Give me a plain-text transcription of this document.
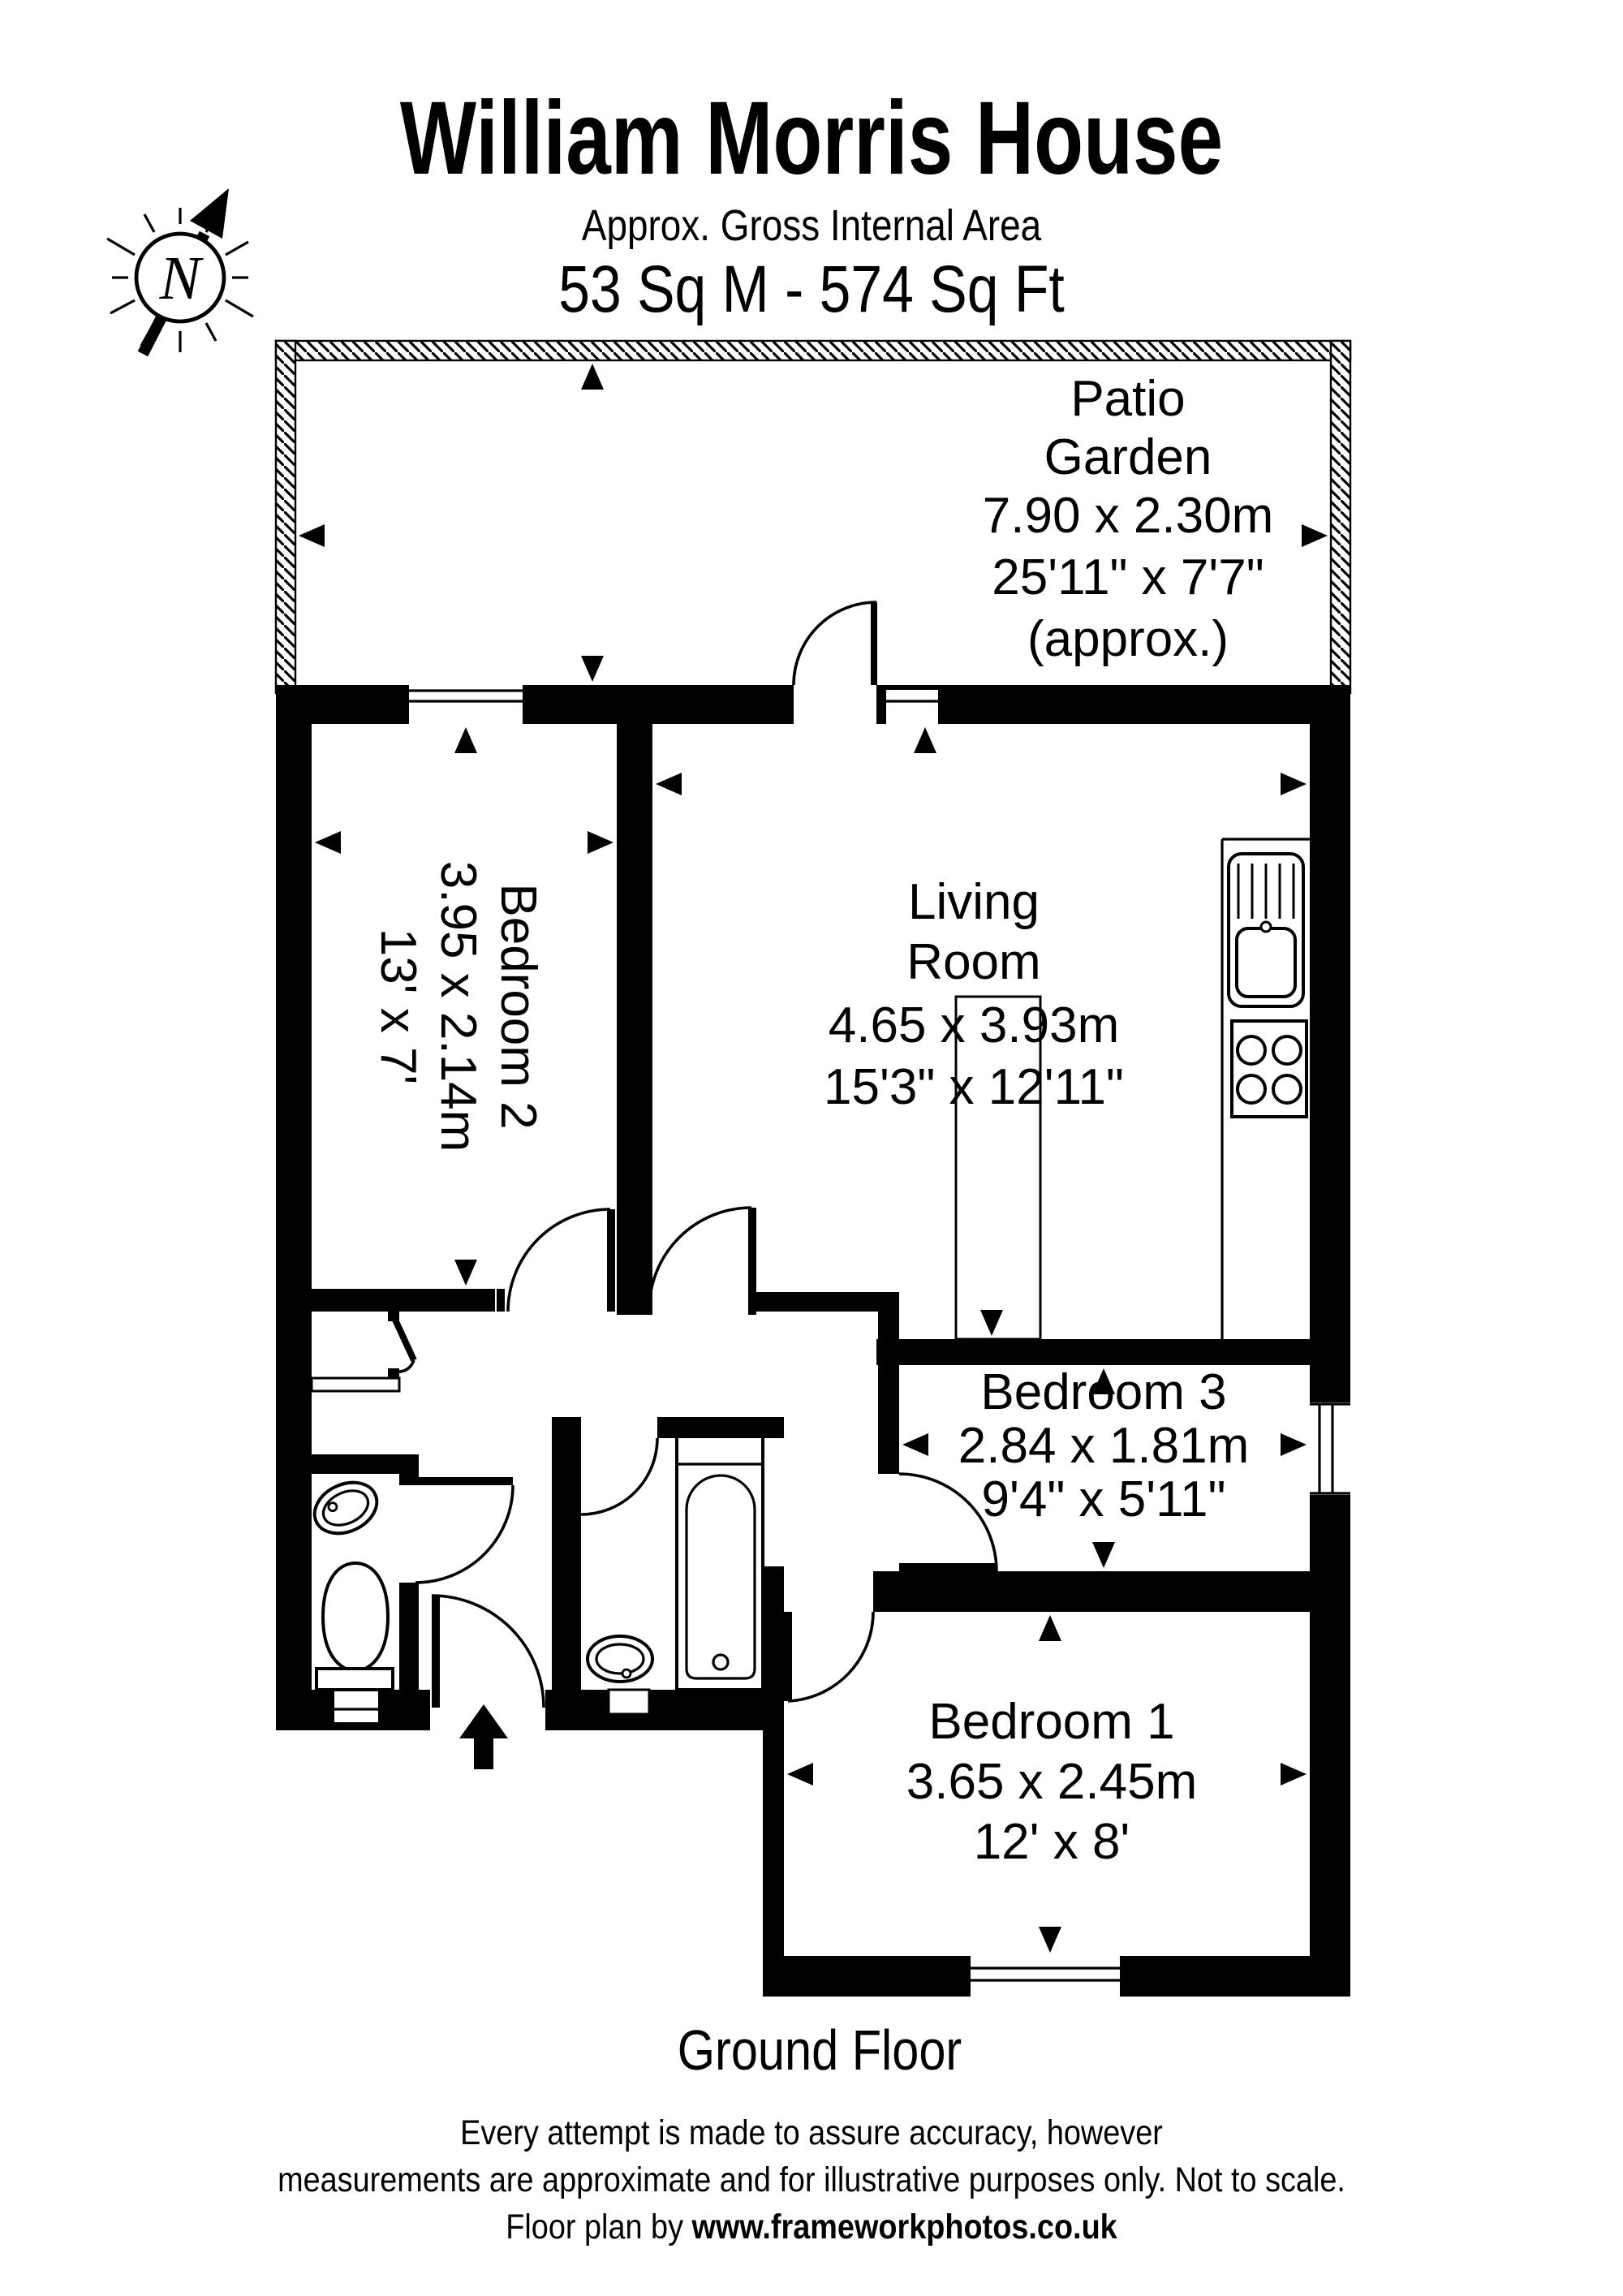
William Morris House
Approx. Gross Internal Area
53 Sq M - 574 Sq Ft
N
Patio
Garden
7.90 x 2.30m
25'11" x 7'7"
(approx.)
Bedroom 2
3.95 x 2.14m
13' x 7'
Living
Room
4.65 x 3.93m
15'3" x 12'11"
Bedroom 3
2.84 x 1.81m
9'4" x 5'11"
Bedroom 1
3.65 x 2.45m
12' x 8'
Ground Floor
Every attempt is made to assure accuracy, however
measurements are approximate and for illustrative purposes only. Not to scale.
Floor plan by www.frameworkphotos.co.uk
